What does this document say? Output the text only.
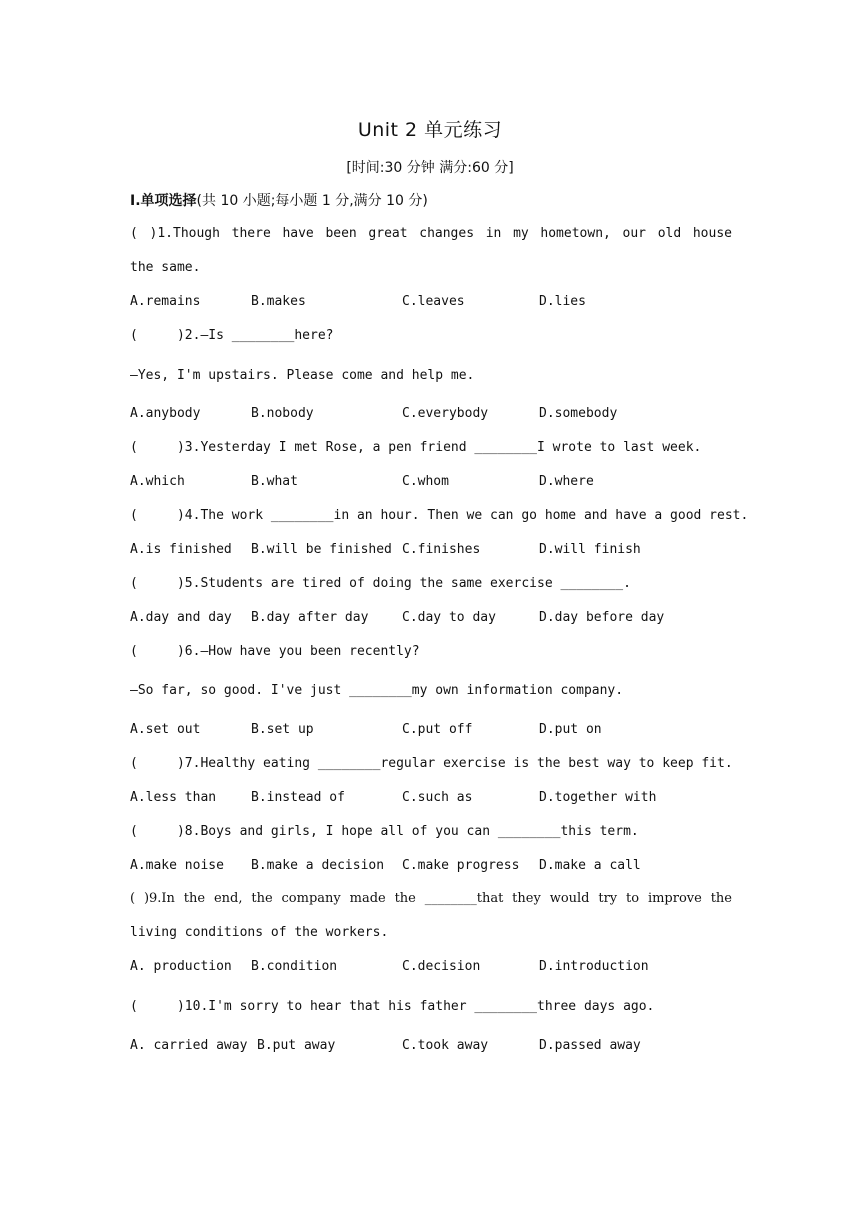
Unit 2 单元练习
[时间:30 分钟 满分:60 分]
Ⅰ.单项选择(共 10 小题;每小题 1 分,满分 10 分)
( )1.Though there have been great changes in my hometown, our old house
the same.
A.remains	B.makes	C.leaves	D.lies
(     )2.—Is ________here?
—Yes, I'm upstairs. Please come and help me.
A.anybody	B.nobody	C.everybody	D.somebody
(     )3.Yesterday I met Rose, a pen friend ________I wrote to last week.
A.which	B.what	C.whom	D.where
(     )4.The work ________in an hour. Then we can go home and have a good rest.
A.is finished B.will be finished C.finishes	D.will finish
(     )5.Students are tired of doing the same exercise ________.
A.day and day B.day after day	C.day to day	D.day before day
(     )6.—How have you been recently?
—So far, so good. I've just ________my own information company.
A.set out	B.set up	C.put off	D.put on
(     )7.Healthy eating ________regular exercise is the best way to keep fit.
A.less than	B.instead of	C.such as	D.together with
(     )8.Boys and girls, I hope all of you can ________this term.
A.make noise B.make a decision C.make progress D.make a call
( )9.In the end, the company made the ________that they would try to improve the
living conditions of the workers.
A. production B.condition	C.decision	D.introduction
(     )10.I'm sorry to hear that his father ________three days ago.
A. carried away B.put away	C.took away	D.passed away
